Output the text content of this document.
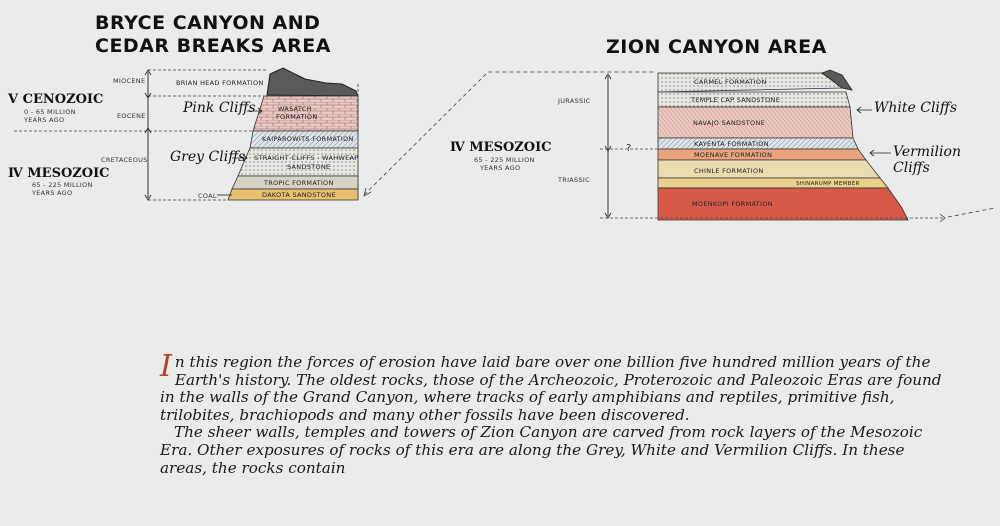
BRYCE CANYON AND
CEDAR BREAKS AREA	ZION CANYON AREA
Ⅴ CENOZOIC
0 - 65 MILLION
YEARS AGO
Ⅳ MESOZOIC
65 - 225 MILLION
YEARS AGO
MIOCENE
EOCENE
CRETACEOUS
COAL
Pink Cliffs
Grey Cliffs
Ⅳ MESOZOIC
65 - 225 MILLION
YEARS AGO
JURASSIC
TRIASSIC
?
White Cliffs
Vermilion Cliffs
BRIAN HEAD FORMATION
WASATCH
FORMATION
KAIPAROWITS FORMATION
STRAIGHT CLIFFS - WAHWEAP
SANDSTONE
TROPIC FORMATION
DAKOTA SANDSTONE
CARMEL FORMATION
TEMPLE CAP SANDSTONE
NAVAJO SANDSTONE
KAYENTA FORMATION
MOENAVE FORMATION
CHINLE FORMATION
SHINARUMP MEMBER
MOENKOPI FORMATION

In this region the forces of erosion have laid bare over one billion five hundred million years of the Earth's history. The oldest rocks, those of the Archeozoic, Proterozoic and Paleozoic Eras are found in the walls of the Grand Canyon, where tracks of early amphibians and reptiles, primitive fish, trilobites, brachiopods and many other fossils have been discovered.

The sheer walls, temples and towers of Zion Canyon are carved from rock layers of the Mesozoic Era. Other exposures of rocks of this era are along the Grey, White and Vermilion Cliffs. In these areas, the rocks contain
